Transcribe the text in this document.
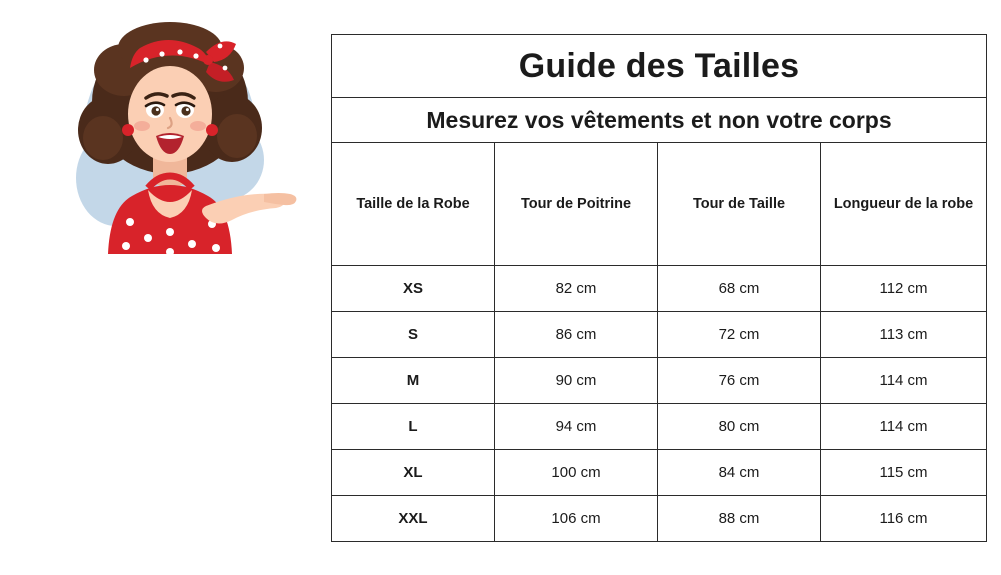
Guide des Tailles			
Mesurez vos vêtements et non votre corps			
Taille de la Robe	Tour de Poitrine	Tour de Taille	Longueur de la robe
XS	82 cm	68 cm	112 cm
S	86 cm	72 cm	113 cm
M	90 cm	76 cm	114 cm
L	94 cm	80 cm	114 cm
XL	100 cm	84 cm	115 cm
XXL	106 cm	88 cm	116 cm
